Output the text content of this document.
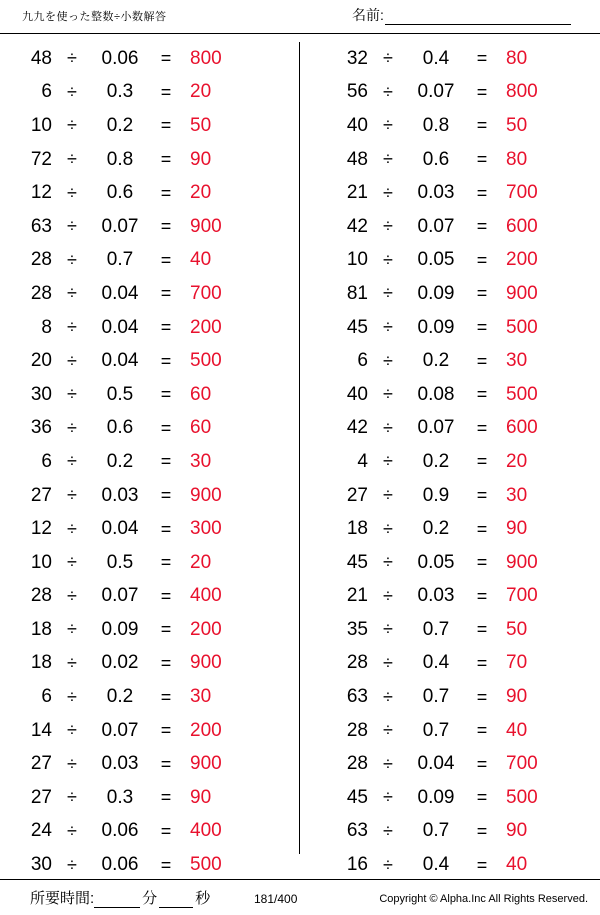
九九を使った整数÷小数解答	名前:
48 ÷	0.06	= 800
6 ÷	0.3	= 20
10 ÷	0.2	= 50
72 ÷	0.8	= 90
12 ÷	0.6	= 20
63 ÷	0.07	= 900
28 ÷	0.7	= 40
28 ÷	0.04	= 700
8 ÷	0.04	= 200
20 ÷	0.04	= 500
30 ÷	0.5	= 60
36 ÷	0.6	= 60
6 ÷	0.2	= 30
27 ÷	0.03	= 900
12 ÷	0.04	= 300
10 ÷	0.5	= 20
28 ÷	0.07	= 400
18 ÷	0.09	= 200
18 ÷	0.02	= 900
6 ÷	0.2	= 30
14 ÷	0.07	= 200
27 ÷	0.03	= 900
27 ÷	0.3	= 90
24 ÷	0.06	= 400
30 ÷	0.06	= 500
32 ÷	0.4	= 80
56 ÷	0.07	= 800
40 ÷	0.8	= 50
48 ÷	0.6	= 80
21 ÷	0.03	= 700
42 ÷	0.07	= 600
10 ÷	0.05	= 200
81 ÷	0.09	= 900
45 ÷	0.09	= 500
6 ÷	0.2	= 30
40 ÷	0.08	= 500
42 ÷	0.07	= 600
4 ÷	0.2	= 20
27 ÷	0.9	= 30
18 ÷	0.2	= 90
45 ÷	0.05	= 900
21 ÷	0.03	= 700
35 ÷	0.7	= 50
28 ÷	0.4	= 70
63 ÷	0.7	= 90
28 ÷	0.7	= 40
28 ÷	0.04	= 700
45 ÷	0.09	= 500
63 ÷	0.7	= 90
16 ÷	0.4	= 40
所要時間:	分	秒	181/400	Copyright © Alpha.Inc All Rights Reserved.
